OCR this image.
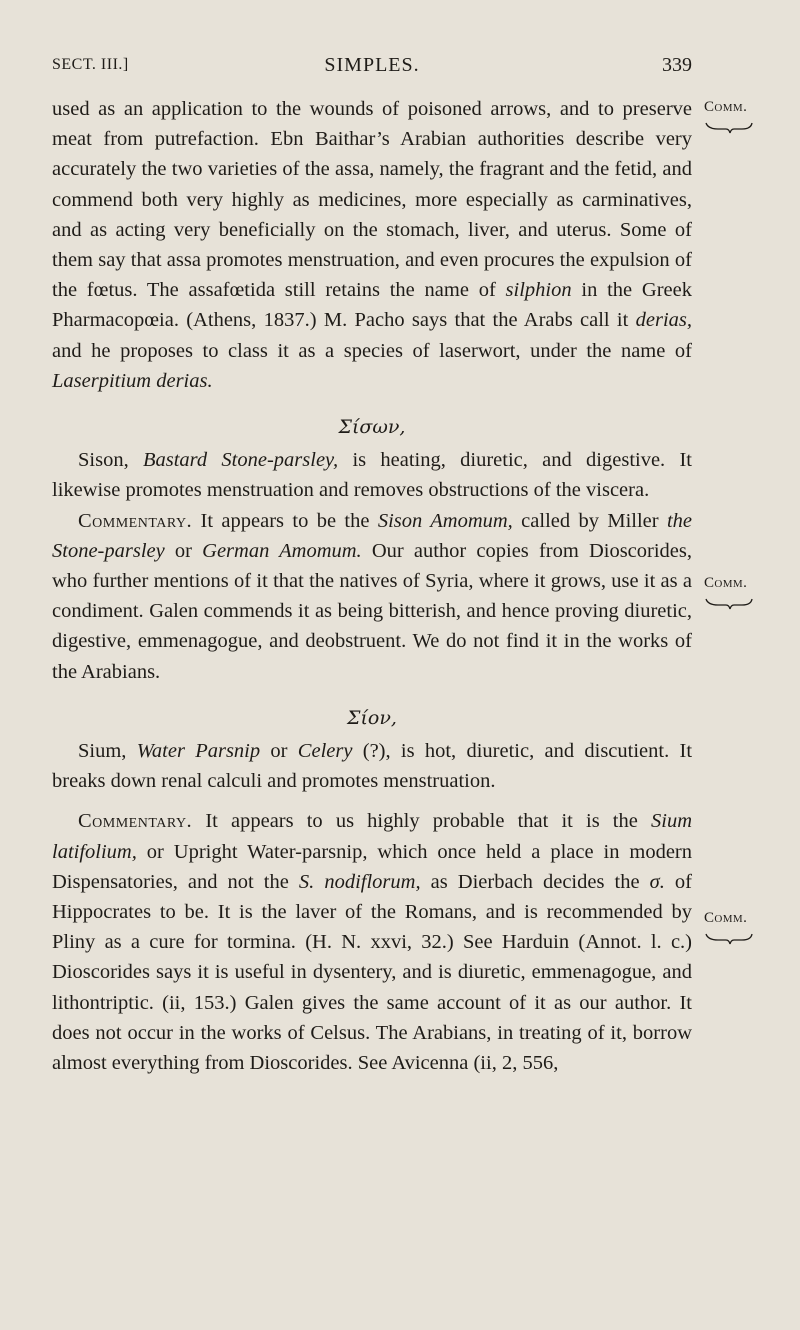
SECT. III.]	SIMPLES.	339

used as an application to the wounds of poisoned arrows, and to preserve meat from putrefaction. Ebn Baithar’s Arabian authorities describe very accurately the two varieties of the assa, namely, the fragrant and the fetid, and commend both very highly as medicines, more especially as carminatives, and as acting very beneficially on the stomach, liver, and uterus. Some of them say that assa promotes menstruation, and even procures the expulsion of the fœtus. The assafœtida still retains the name of silphion in the Greek Pharmacopœia. (Athens, 1837.) M. Pacho says that the Arabs call it derias, and he proposes to class it as a species of laserwort, under the name of Laserpitium derias.

Σίσων,

Sison, Bastard Stone-parsley, is heating, diuretic, and digestive. It likewise promotes menstruation and removes obstructions of the viscera.

Commentary. It appears to be the Sison Amomum, called by Miller the Stone-parsley or German Amomum. Our author copies from Dioscorides, who further mentions of it that the natives of Syria, where it grows, use it as a condiment. Galen commends it as being bitterish, and hence proving diuretic, digestive, emmenagogue, and deobstruent. We do not find it in the works of the Arabians.

Σίον,

Sium, Water Parsnip or Celery (?), is hot, diuretic, and discutient. It breaks down renal calculi and promotes menstruation.

Commentary. It appears to us highly probable that it is the Sium latifolium, or Upright Water-parsnip, which once held a place in modern Dispensatories, and not the S. nodiflorum, as Dierbach decides the σ. of Hippocrates to be. It is the laver of the Romans, and is recommended by Pliny as a cure for tormina. (H. N. xxvi, 32.) See Harduin (Annot. l. c.) Dioscorides says it is useful in dysentery, and is diuretic, emmenagogue, and lithontriptic. (ii, 153.) Galen gives the same account of it as our author. It does not occur in the works of Celsus. The Arabians, in treating of it, borrow almost everything from Dioscorides. See Avicenna (ii, 2, 556,

Comm.
Comm.
Comm.
